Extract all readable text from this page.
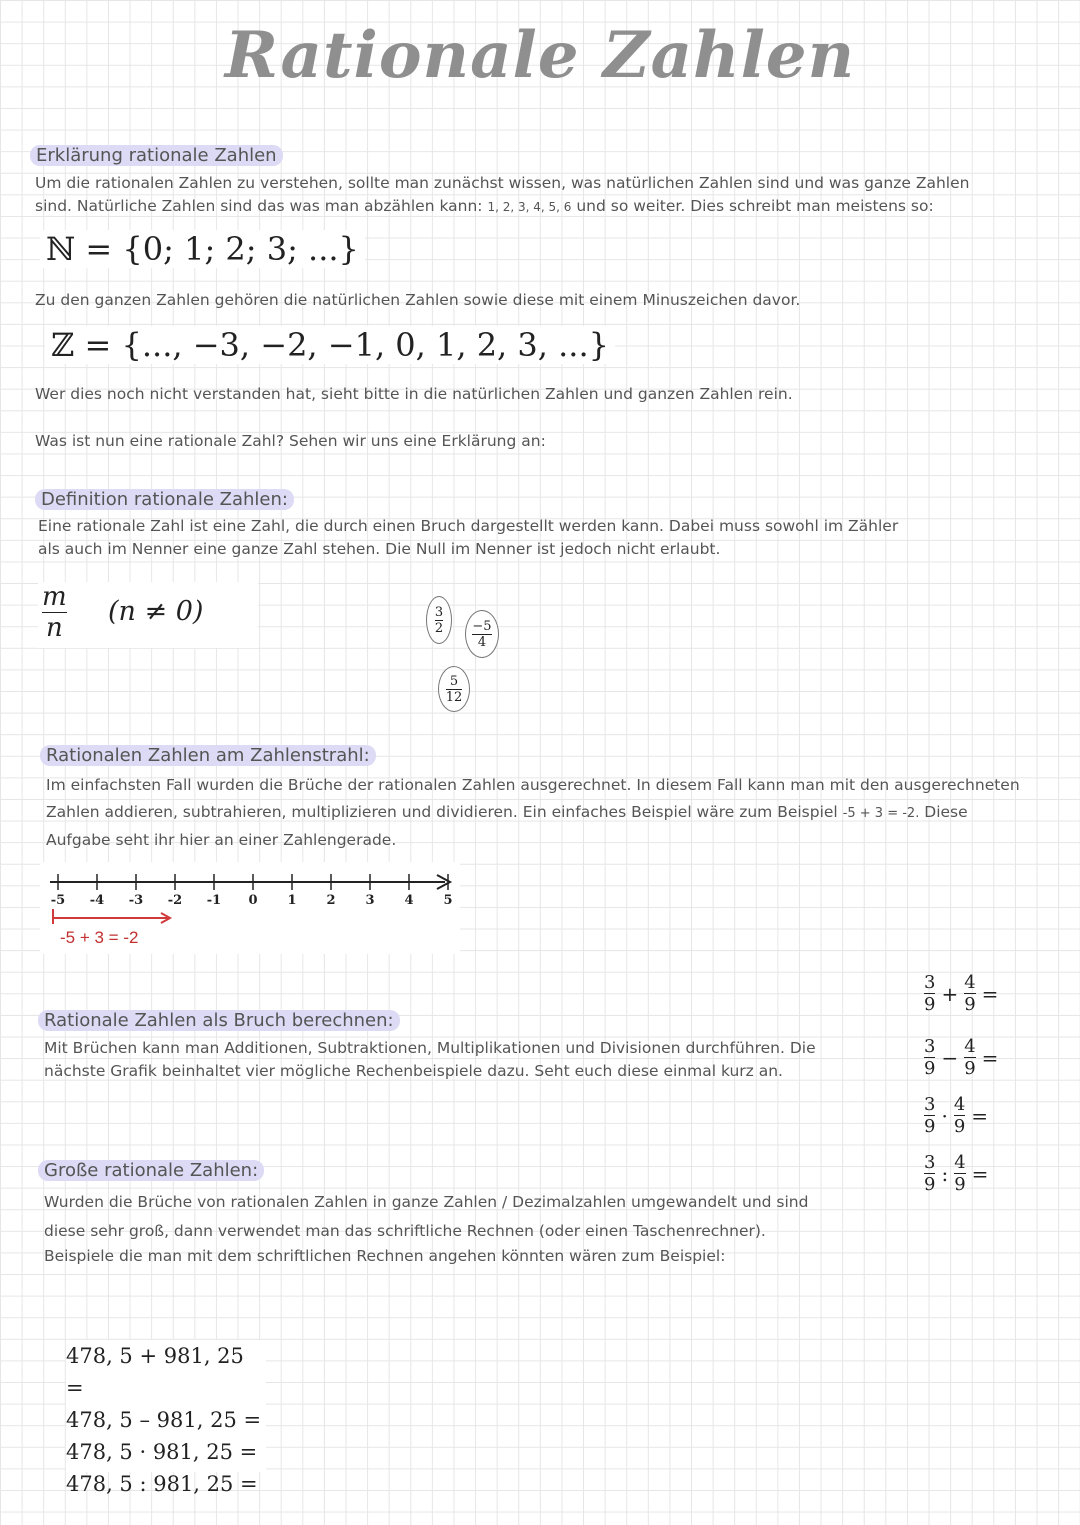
Rationale Zahlen
Erklärung rationale Zahlen
Um die rationalen Zahlen zu verstehen, sollte man zunächst wissen, was natürlichen Zahlen sind und was ganze Zahlen
sind. Natürliche Zahlen sind das was man abzählen kann: 1, 2, 3, 4, 5, 6 und so weiter. Dies schreibt man meistens so:
ℕ = {0; 1; 2; 3; ...}
Zu den ganzen Zahlen gehören die natürlichen Zahlen sowie diese mit einem Minuszeichen davor.
ℤ = {..., −3, −2, −1, 0, 1, 2, 3, ...}
Wer dies noch nicht verstanden hat, sieht bitte in die natürlichen Zahlen und ganzen Zahlen rein.
Was ist nun eine rationale Zahl? Sehen wir uns eine Erklärung an:
Definition rationale Zahlen:
Eine rationale Zahl ist eine Zahl, die durch einen Bruch dargestellt werden kann. Dabei muss sowohl im Zähler
als auch im Nenner eine ganze Zahl stehen. Die Null im Nenner ist jedoch nicht erlaubt.
m
n
(n ≠ 0)	$\frac{3}{2} \frac{-5}{4}$
$\frac{5}{12}$
Rationalen Zahlen am Zahlenstrahl:
Im einfachsten Fall wurden die Brüche der rationalen Zahlen ausgerechnet. In diesem Fall kann man mit den ausgerechneten
Zahlen addieren, subtrahieren, multiplizieren und dividieren. Ein einfaches Beispiel wäre zum Beispiel -5 + 3 = -2. Diese
Aufgabe seht ihr hier an einer Zahlengerade.
-5 -4 -3 -2 -1 0 1 2 3 4 5
-5 + 3 = -2
Rationale Zahlen als Bruch berechnen:
Mit Brüchen kann man Additionen, Subtraktionen, Multiplikationen und Divisionen durchführen. Die
nächste Grafik beinhaltet vier mögliche Rechenbeispiele dazu. Seht euch diese einmal kurz an.
$\frac{3}{9} + \frac{4}{9}$ =
$\frac{3}{9} - \frac{4}{9}$ =
$\frac{3}{9} \cdot \frac{4}{9}$ =
$\frac{3}{9}$ : $\frac{4}{9}$ =
Große rationale Zahlen:
Wurden die Brüche von rationalen Zahlen in ganze Zahlen / Dezimalzahlen umgewandelt und sind
diese sehr groß, dann verwendet man das schriftliche Rechnen (oder einen Taschenrechner).
Beispiele die man mit dem schriftlichen Rechnen angehen könnten wären zum Beispiel:
478, 5 + 981, 25 =
478, 5 – 981, 25 =
478, 5 · 981, 25 =
478, 5 : 981, 25 =
